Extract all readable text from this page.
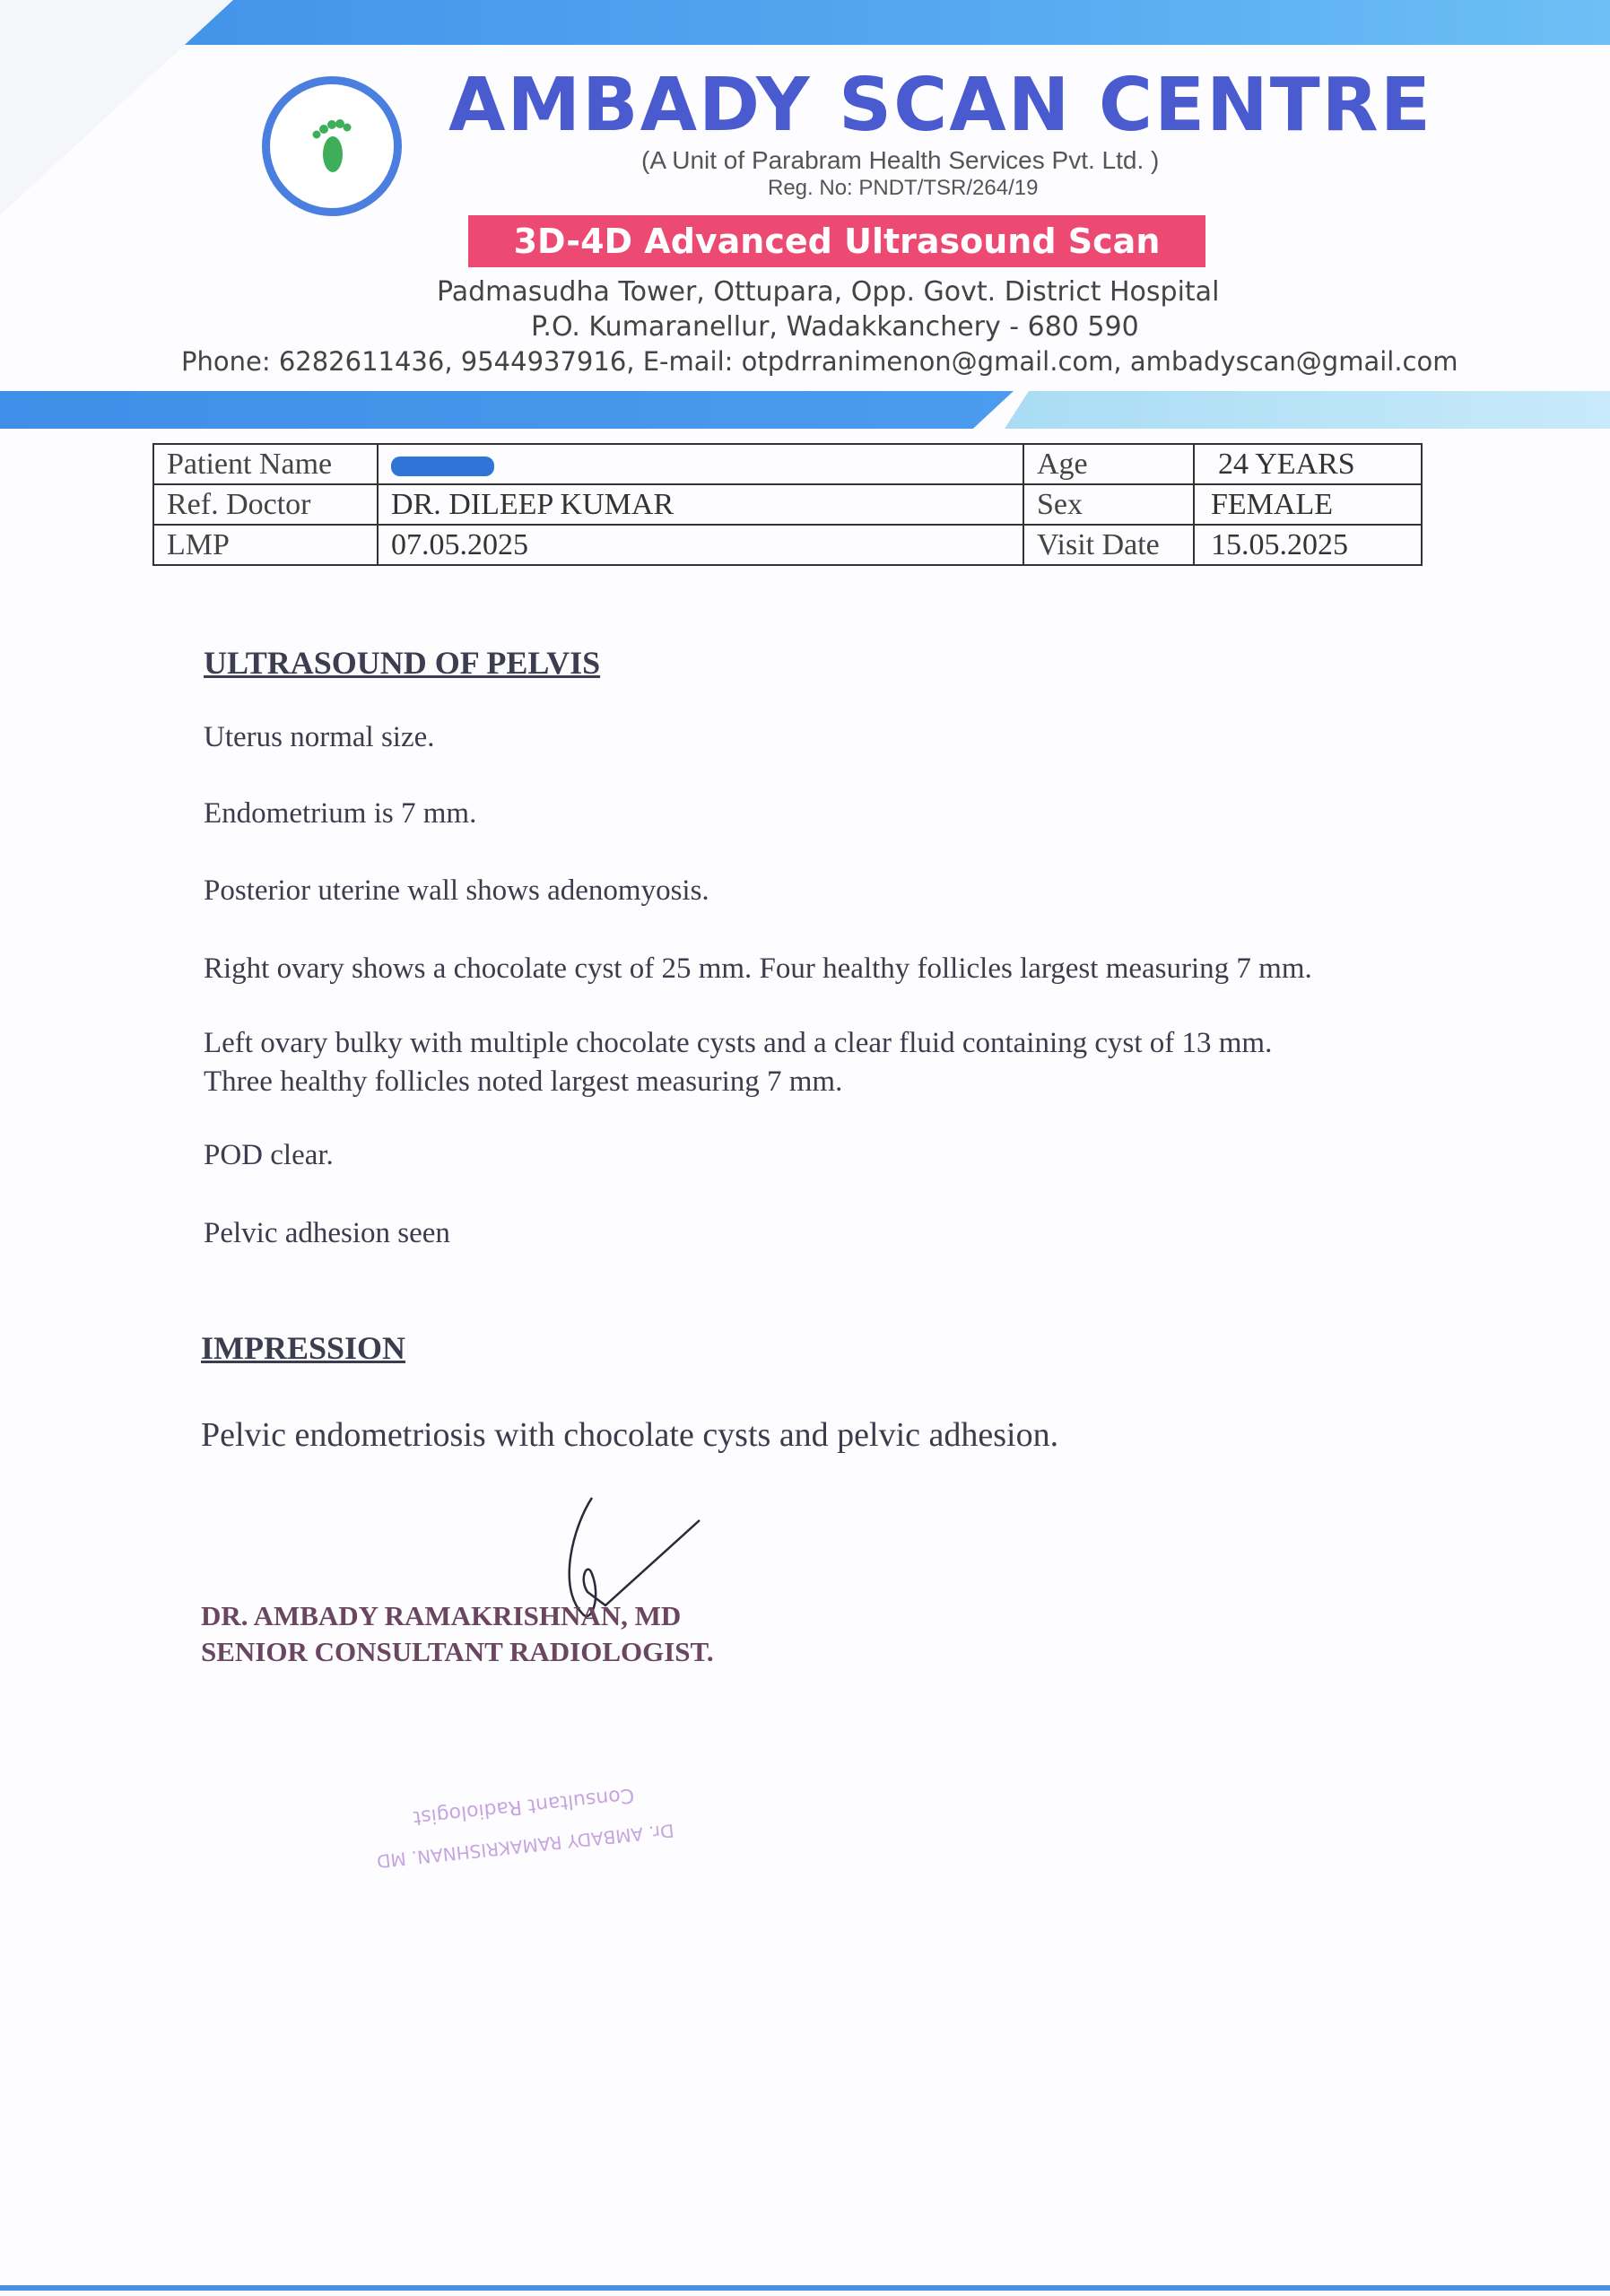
AMBADY SCAN CENTRE
(A Unit of Parabram Health Services Pvt. Ltd. )
Reg. No: PNDT/TSR/264/19
3D-4D Advanced Ultrasound Scan
Padmasudha Tower, Ottupara, Opp. Govt. District Hospital
P.O. Kumaranellur, Wadakkanchery - 680 590
Phone: 6282611436, 9544937916, E-mail: otpdrranimenon@gmail.com, ambadyscan@gmail.com
Patient Name		Age	24 YEARS
Ref. Doctor	DR. DILEEP KUMAR	Sex	FEMALE
LMP	07.05.2025	Visit Date	15.05.2025
ULTRASOUND OF PELVIS
Uterus normal size.
Endometrium is 7 mm.
Posterior uterine wall shows adenomyosis.
Right ovary shows a chocolate cyst of 25 mm. Four healthy follicles largest measuring 7 mm.
Left ovary bulky with multiple chocolate cysts and a clear fluid containing cyst of 13 mm.
Three healthy follicles noted largest measuring 7 mm.
POD clear.
Pelvic adhesion seen
IMPRESSION
Pelvic endometriosis with chocolate cysts and pelvic adhesion.
DR. AMBADY RAMAKRISHNAN, MD
SENIOR CONSULTANT RADIOLOGIST.
Consultant Radiologist
Dr. AMBADY RAMAKRISHNAN. MD
